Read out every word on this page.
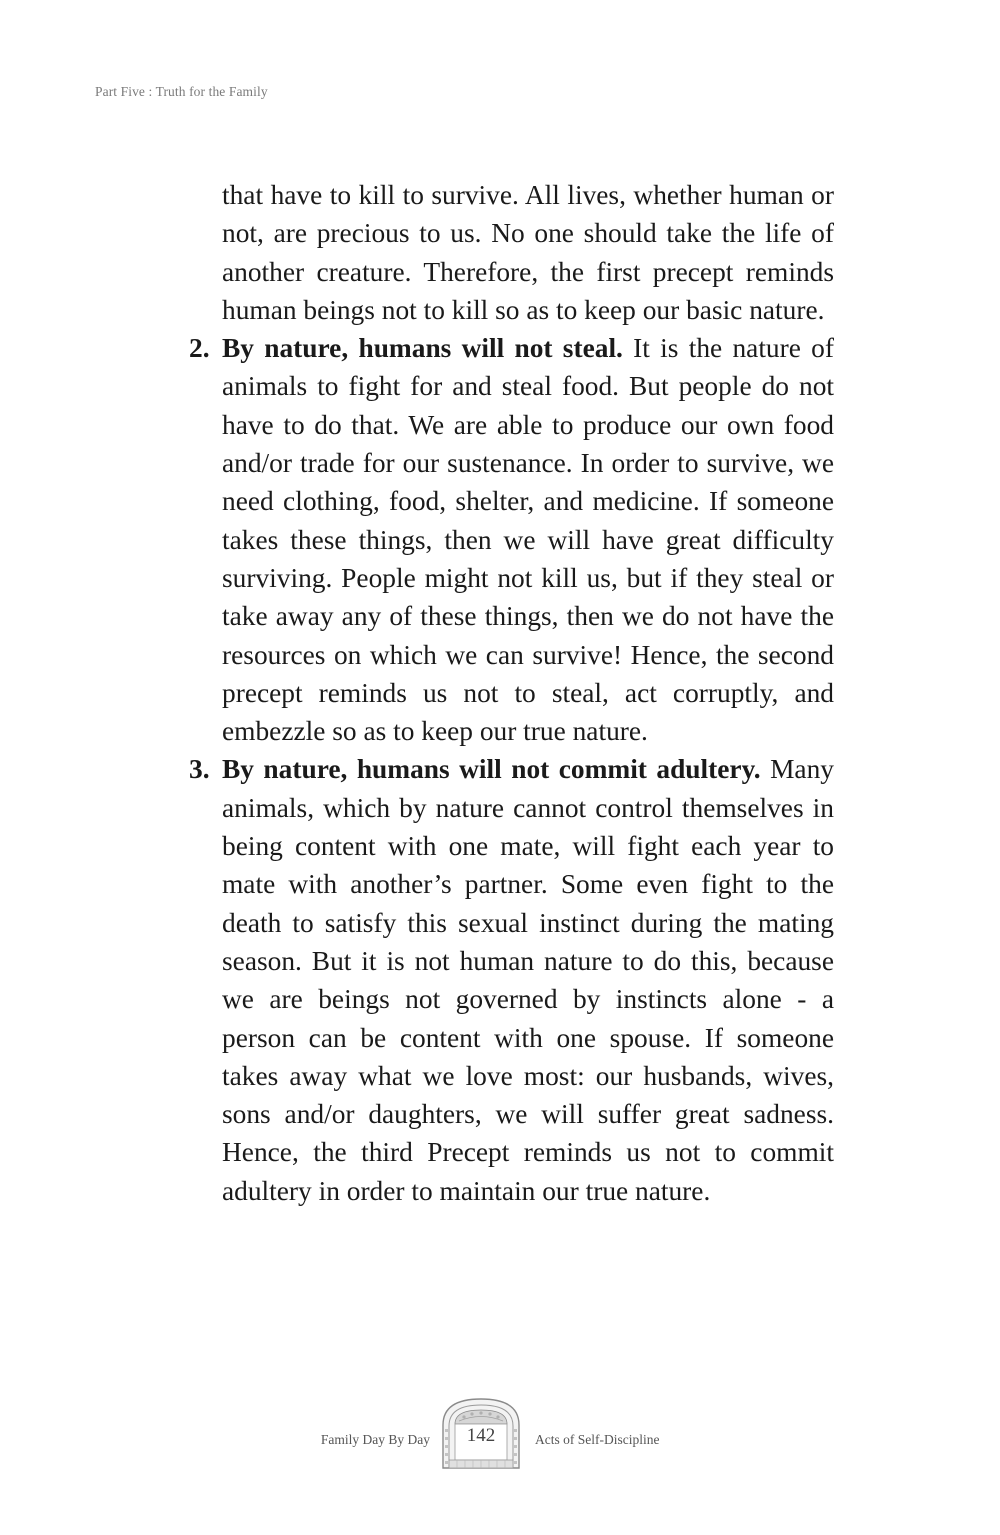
Part Five : Truth for the Family

that have to kill to survive. All lives, whether human or not, are precious to us. No one should take the life of another creature. Therefore, the first precept reminds human beings not to kill so as to keep our basic nature.

2. By nature, humans will not steal. It is the nature of animals to fight for and steal food. But people do not have to do that. We are able to produce our own food and/or trade for our sustenance. In order to survive, we need clothing, food, shelter, and medicine. If someone takes these things, then we will have great difficulty surviving. People might not kill us, but if they steal or take away any of these things, then we do not have the resources on which we can survive! Hence, the second precept reminds us not to steal, act corruptly, and embezzle so as to keep our true nature.

3. By nature, humans will not commit adultery. Many animals, which by nature cannot control themselves in being content with one mate, will fight each year to mate with another’s partner. Some even fight to the death to satisfy this sexual instinct during the mating season. But it is not human nature to do this, because we are beings not governed by instincts alone - a person can be content with one spouse. If someone takes away what we love most: our husbands, wives, sons and/or daughters, we will suffer great sadness. Hence, the third Precept reminds us not to commit adultery in order to maintain our true nature.

Family Day By Day	142	Acts of Self-Discipline
